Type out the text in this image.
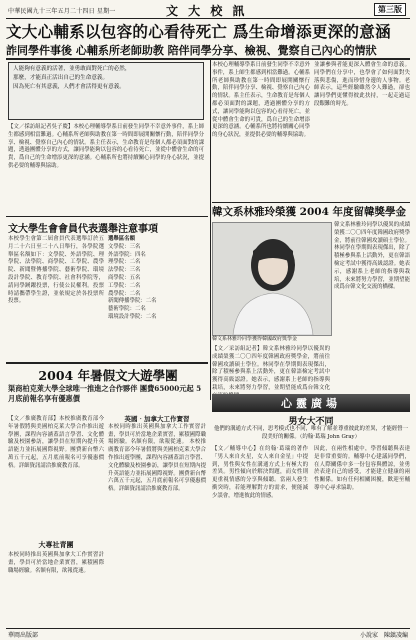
中華民國九十三年五月二十四日 星期一	文 大 校 訊	第三版
文大心輔系以包容的心看待死亡 爲生命增添更深的意涵
詐同學件事後 心輔系所老師助教 陪伴同學分享、檢視、覺察自己內心的情狀
人能夠有意義的活著，並勇敢面對死亡的必然，
那麼，才能真正活出自己的生命意義。
因為死亡有其意義，人們才會活得更有意義。
【文／採訪組記者吳子慶】本校心理輔導學系日前發生同學不幸意外事件，系上師生都感到相當難過。心輔系所老師與助教在第一時間即展開關懷行動，陪伴同學分享、檢視、覺察自己內心的情狀。系主任表示，生命教育是每個人都必須面對的課題，透過團體分享的方式，讓同學能夠以包容的心看待死亡，並從中體會生命的可貴，爲自己的生命增添更深的意涵。心輔系所也將持續關心同學的身心狀況，並提供必要的輔導與協助。
本校心理輔導學系日前發生同學不幸意外事件，系上師生都感到相當難過。心輔系所老師與助教在第一時間即展開關懷行動，陪伴同學分享、檢視、覺察自己內心的情狀。系主任表示，生命教育是每個人都必須面對的課題，透過團體分享的方式，讓同學能夠以包容的心看待死亡，並從中體會生命的可貴，爲自己的生命增添更深的意涵。心輔系所也將持續關心同學的身心狀況，並提供必要的輔導與協助。
並讓參與者能更深入體會生命的意義。同學們在分享中，也學會了如何面對失落與悲傷，進而珍惜身邊的人事物。老師表示，這些經驗雖然令人難過，卻也讓同學們更懂得彼此扶持，一起走過這段艱難的時光。
文大學生會會員代表選舉注意事項
本校學生會第二屆會員代表選舉訂於五月二十六日至二十八日舉行，各學院選舉區名額如下：文學院、外語學院、理學院、法學院、商學院、工學院、農學院、新聞暨傳播學院、藝術學院、環境設計學院、教育學院、社會科學院等，請同學踴躍投票，行使公民權利。投票時請攜帶學生證，並依規定於各投票所投票。
選舉區名額
文學院：三名
外語學院：四名
理學院：二名
法學院：三名
商學院：五名
工學院：二名
農學院：二名
新聞傳播學院：二名
藝術學院：二名
環境設計學院：二名
2004 年暑假文大遊學團
渠商柏克萊大學全球唯一推進之合作夥伴 團費65000元起 5月底前報名享有優惠價
【文／推廣教育部】本校推廣教育部今年暑假將與美國柏克萊大學合作推出遊學團，課程內容涵蓋語言學習、文化體驗及校園參訪，讓學員在短期內提升英語能力並拓展國際視野。團費新台幣六萬五千元起，五月底前報名可享優惠價格。詳細資訊請洽推廣教育部。
英國‧加拿大工作實習
本校同時推出英國與加拿大工作實習計畫，學員可於當地企業實習，累積國際職場經驗。名額有限，欲報從速。 本校推廣教育部今年暑假將與美國柏克萊大學合作推出遊學團，課程內容涵蓋語言學習、文化體驗及校園參訪，讓學員在短期內提升英語能力並拓展國際視野。團費新台幣六萬五千元起，五月底前報名可享優惠價格。詳細資訊請洽推廣教育部。
大專社青團
本校同時推出英國與加拿大工作實習計畫，學員可於當地企業實習，累積國際職場經驗。名額有限，欲報從速。
韓文系林雅玲榮獲 2004 年度留韓獎學金
韓文系林雅玲同學獲得韓國政府獎學金
【文／采訪組記者】韓文系林雅玲同學以優異的成績榮獲二〇〇四年度韓國政府獎學金，將前往韓國攻讀碩士學位。林同學在學期間表現傑出，除了積極參與系上活動外，更在韓語檢定考試中獲得高級認證。她表示，感謝系上老師的指導與栽培，未來將努力學習，並期望能成爲台韓文化
韓文系林雅玲同學以優異的成績榮獲二〇〇四年度韓國政府獎學金，將前往韓國攻讀碩士學位。林同學在學期間表現傑出，除了積極參與系上活動外，更在韓語檢定考試中獲得高級認證。她表示，感謝系上老師的指導與栽培，未來將努力學習，並期望能成爲台韓文化交流的橋樑。
心靈廣場
男女大不同
他們的溝通方式不同，思考模式也不同，唯有了解並尊重彼此的差異，才能經營一段美好的關係。（約翰·葛瑞 John Gray）
【文／輔導中心】在約翰·葛瑞的著作「男人來自火星，女人來自金星」中提到，男性與女性在溝通方式上有極大的差異。男性傾向於解決問題，而女性則更重視情感的分享與傾聽。當兩人發生衝突時，若能理解對方的需求，便能減少誤會，增進彼此的情感。
因此，在兩性相處中，學習傾聽與表達是非常重要的。輔導中心建議同學們，在人際關係中多一份包容與體諒，並勇於表達自己的感受，才能建立健康的兩性關係。如有任何相關困擾，歡迎至輔導中心尋求協助。
華岡出版部	小說家　陳鎮凌編
